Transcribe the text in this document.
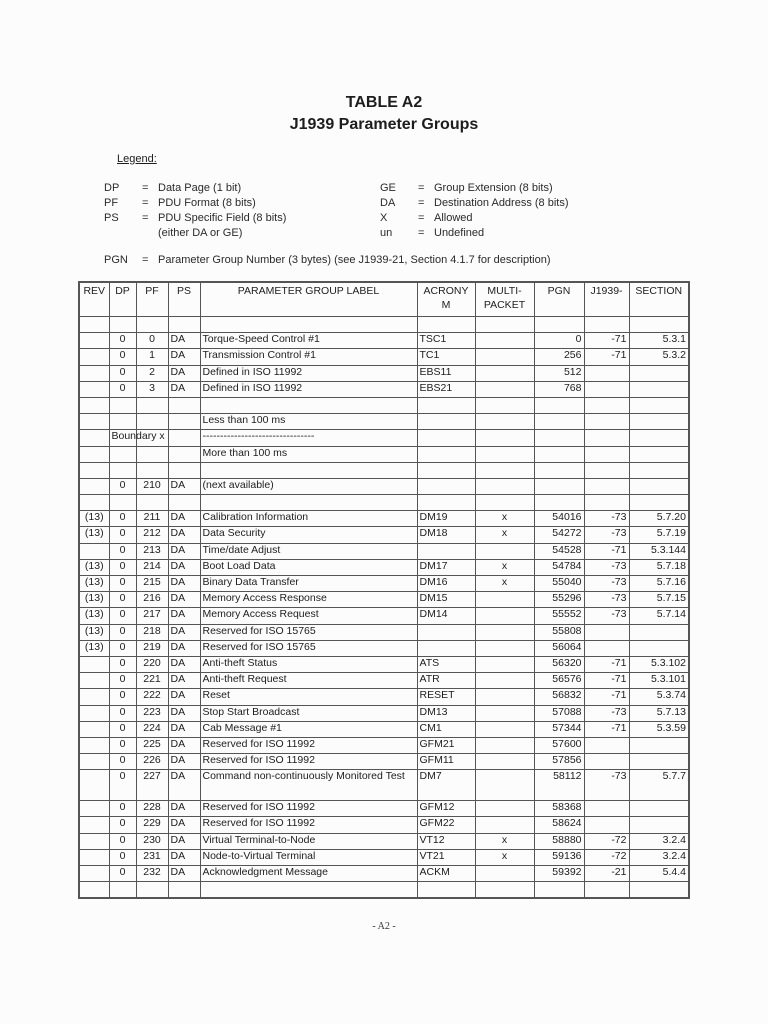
TABLE A2
J1939 Parameter Groups
Legend:
DP = Data Page (1 bit)
PF = PDU Format (8 bits)
PS = PDU Specific Field (8 bits)
(either DA or GE)
GE = Group Extension (8 bits)
DA = Destination Address (8 bits)
X	= Allowed
un = Undefined
PGN = Parameter Group Number (3 bytes) (see J1939-21, Section 4.1.7 for description)
REV	DP	PF	PS	PARAMETER GROUP LABEL	ACRONY M	MULTI-PACKET	PGN	J1939-	SECTION

	0	0	DA	Torque-Speed Control #1	TSC1		0	-71	5.3.1
	0	1	DA	Transmission Control #1	TC1		256	-71	5.3.2
	0	2	DA	Defined in ISO 11992	EBS11		512		
	0	3	DA	Defined in ISO 11992	EBS21		768		

				Less than 100 ms					
	Boundary x			--------------------------------					
				More than 100 ms					

	0	210	DA	(next available)					

(13)	0	211	DA	Calibration Information	DM19	x	54016	-73	5.7.20
(13)	0	212	DA	Data Security	DM18	x	54272	-73	5.7.19
	0	213	DA	Time/date Adjust			54528	-71	5.3.144
(13)	0	214	DA	Boot Load Data	DM17	x	54784	-73	5.7.18
(13)	0	215	DA	Binary Data Transfer	DM16	x	55040	-73	5.7.16
(13)	0	216	DA	Memory Access Response	DM15		55296	-73	5.7.15
(13)	0	217	DA	Memory Access Request	DM14		55552	-73	5.7.14
(13)	0	218	DA	Reserved for ISO 15765			55808		
(13)	0	219	DA	Reserved for ISO 15765			56064		
	0	220	DA	Anti-theft Status	ATS		56320	-71	5.3.102
	0	221	DA	Anti-theft Request	ATR		56576	-71	5.3.101
	0	222	DA	Reset	RESET		56832	-71	5.3.74
	0	223	DA	Stop Start Broadcast	DM13		57088	-73	5.7.13
	0	224	DA	Cab Message #1	CM1		57344	-71	5.3.59
	0	225	DA	Reserved for ISO 11992	GFM21		57600		
	0	226	DA	Reserved for ISO 11992	GFM11		57856		
	0	227	DA	Command non-continuously Monitored Test	DM7		58112	-73	5.7.7
	0	228	DA	Reserved for ISO 11992	GFM12		58368		
	0	229	DA	Reserved for ISO 11992	GFM22		58624		
	0	230	DA	Virtual Terminal-to-Node	VT12	x	58880	-72	3.2.4
	0	231	DA	Node-to-Virtual Terminal	VT21	x	59136	-72	3.2.4
	0	232	DA	Acknowledgment Message	ACKM		59392	-21	5.4.4

- A2 -
